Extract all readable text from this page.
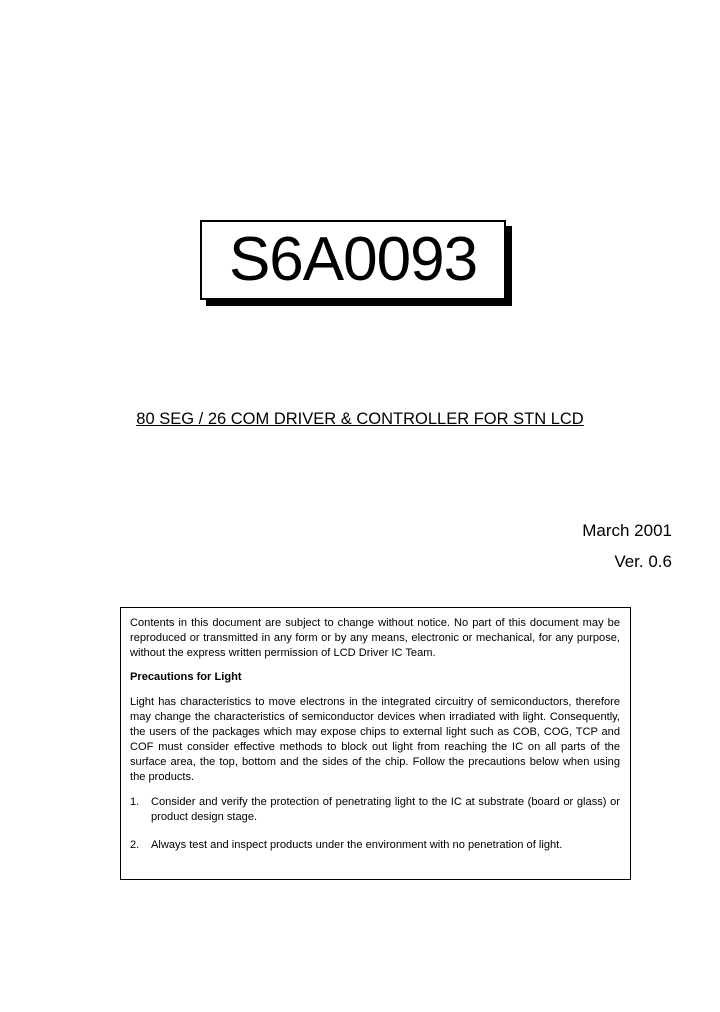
S6A0093
80 SEG / 26 COM DRIVER & CONTROLLER FOR STN LCD
March 2001
Ver. 0.6

Contents in this document are subject to change without notice. No part of this document may be reproduced or transmitted in any form or by any means, electronic or mechanical, for any purpose, without the express written permission of LCD Driver IC Team.

Precautions for Light

Light has characteristics to move electrons in the integrated circuitry of semiconductors, therefore may change the characteristics of semiconductor devices when irradiated with light. Consequently, the users of the packages which may expose chips to external light such as COB, COG, TCP and COF must consider effective methods to block out light from reaching the IC on all parts of the surface area, the top, bottom and the sides of the chip. Follow the precautions below when using the products.

1.	Consider and verify the protection of penetrating light to the IC at substrate (board or glass) or product design stage.
2.	Always test and inspect products under the environment with no penetration of light.
